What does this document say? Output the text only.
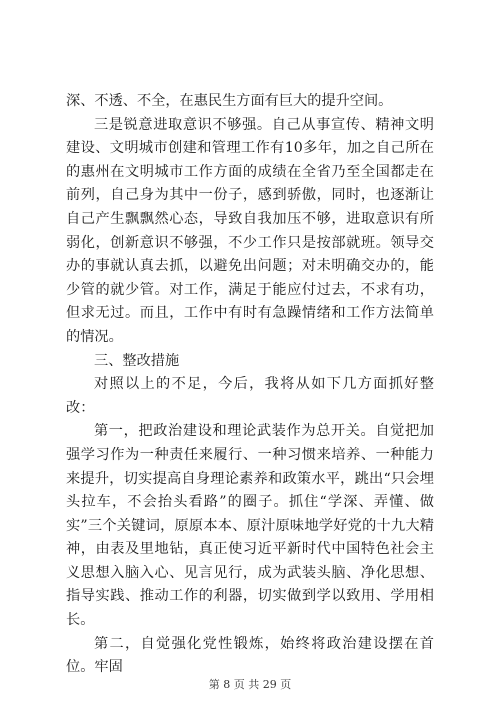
深、不透、不全，在惠民生方面有巨大的提升空间。

三是锐意进取意识不够强。自己从事宣传、精神文明建设、文明城市创建和管理工作有10多年，加之自己所在的惠州在文明城市工作方面的成绩在全省乃至全国都走在前列，自己身为其中一份子，感到骄傲，同时，也逐渐让自己产生飘飘然心态，导致自我加压不够，进取意识有所弱化，创新意识不够强，不少工作只是按部就班。领导交办的事就认真去抓，以避免出问题；对未明确交办的，能少管的就少管。对工作，满足于能应付过去，不求有功，但求无过。而且，工作中有时有急躁情绪和工作方法简单的情况。

三、整改措施

对照以上的不足，今后，我将从如下几方面抓好整改：

第一，把政治建设和理论武装作为总开关。自觉把加强学习作为一种责任来履行、一种习惯来培养、一种能力来提升，切实提高自身理论素养和政策水平，跳出“只会埋头拉车，不会抬头看路”的圈子。抓住“学深、弄懂、做实”三个关键词，原原本本、原汁原味地学好党的十九大精神，由表及里地钻，真正使习近平新时代中国特色社会主义思想入脑入心、见言见行，成为武装头脑、净化思想、指导实践、推动工作的利器，切实做到学以致用、学用相长。

第二，自觉强化党性锻炼，始终将政治建设摆在首位。牢固

第 8 页 共 29 页
